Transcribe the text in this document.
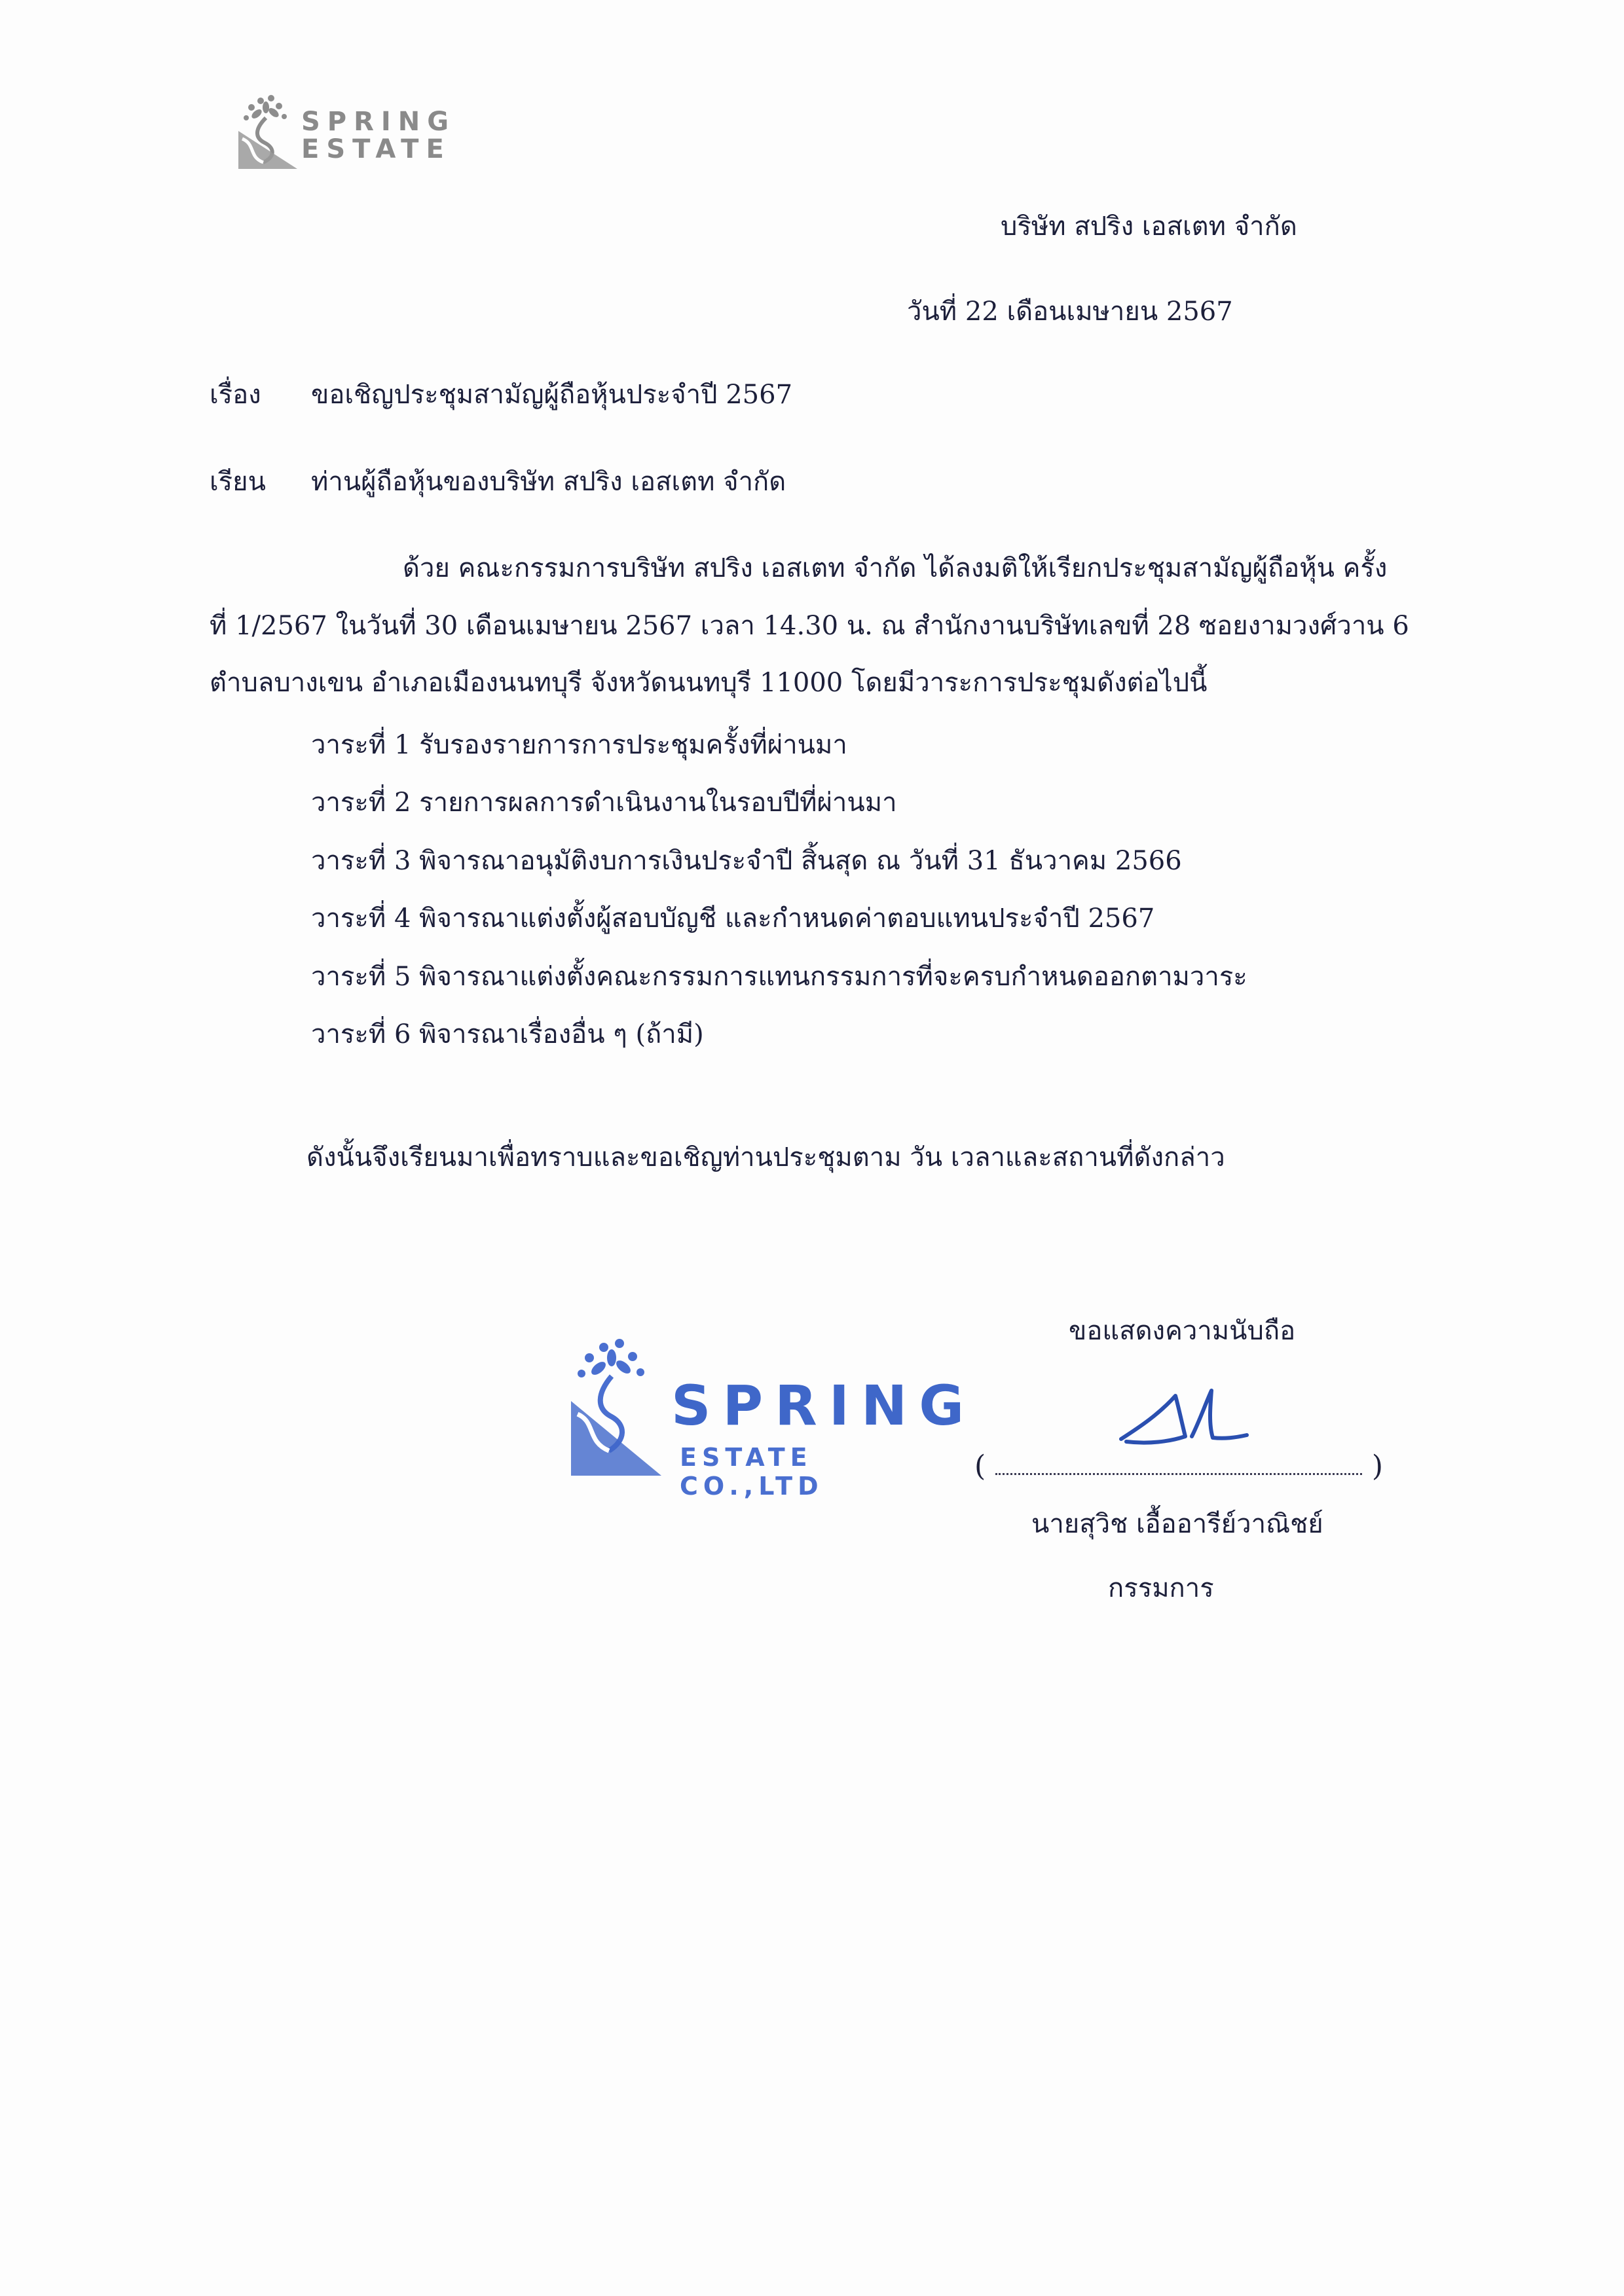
SPRING
ESTATE
บริษัท สปริง เอสเตท จำกัด
วันที่ 22 เดือนเมษายน 2567
เรื่อง ขอเชิญประชุมสามัญผู้ถือหุ้นประจำปี 2567
เรียน ท่านผู้ถือหุ้นของบริษัท สปริง เอสเตท จำกัด
ด้วย คณะกรรมการบริษัท สปริง เอสเตท จำกัด ได้ลงมติให้เรียกประชุมสามัญผู้ถือหุ้น ครั้ง
ที่ 1/2567 ในวันที่ 30 เดือนเมษายน 2567 เวลา 14.30 น. ณ สำนักงานบริษัทเลขที่ 28 ซอยงามวงศ์วาน 6
ตำบลบางเขน อำเภอเมืองนนทบุรี จังหวัดนนทบุรี 11000 โดยมีวาระการประชุมดังต่อไปนี้
วาระที่ 1 รับรองรายการการประชุมครั้งที่ผ่านมา
วาระที่ 2 รายการผลการดำเนินงานในรอบปีที่ผ่านมา
วาระที่ 3 พิจารณาอนุมัติงบการเงินประจำปี สิ้นสุด ณ วันที่ 31 ธันวาคม 2566
วาระที่ 4 พิจารณาแต่งตั้งผู้สอบบัญชี และกำหนดค่าตอบแทนประจำปี 2567
วาระที่ 5 พิจารณาแต่งตั้งคณะกรรมการแทนกรรมการที่จะครบกำหนดออกตามวาระ
วาระที่ 6 พิจารณาเรื่องอื่น ๆ (ถ้ามี)
ดังนั้นจึงเรียนมาเพื่อทราบและขอเชิญท่านประชุมตาม วัน เวลาและสถานที่ดังกล่าว
ขอแสดงความนับถือ
SPRING
ESTATE CO.,LTD
(	)
นายสุวิช เอื้ออารีย์วาณิชย์
กรรมการ
